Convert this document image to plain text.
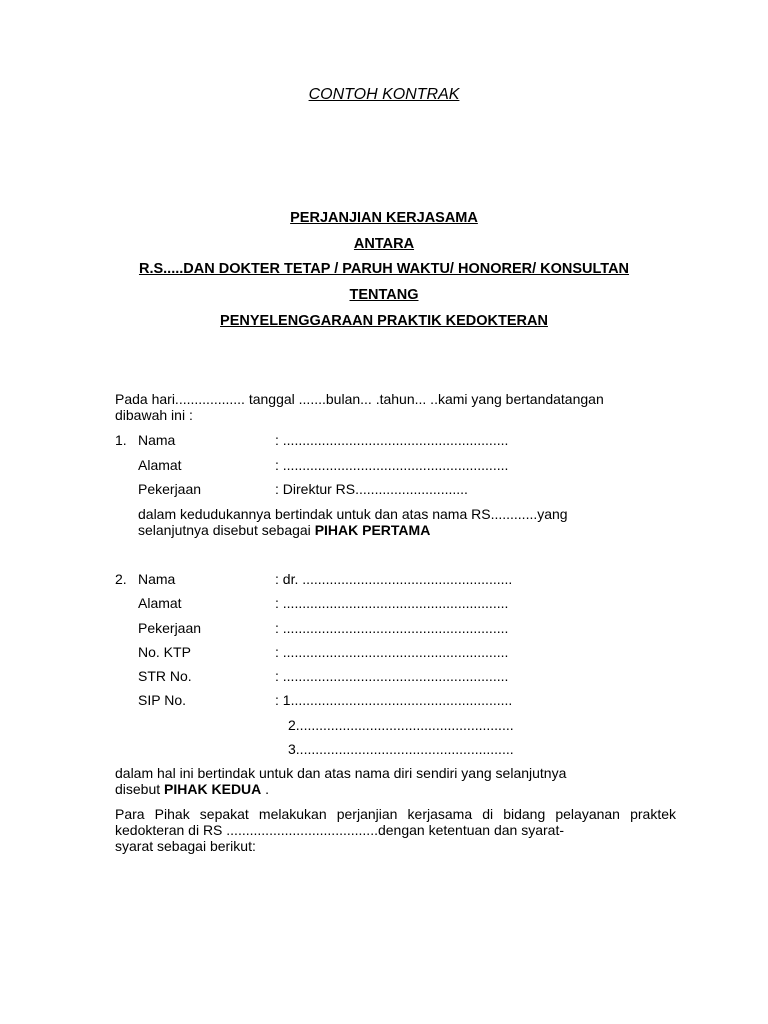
CONTOH KONTRAK
PERJANJIAN KERJASAMA
ANTARA
R.S.....DAN DOKTER TETAP / PARUH WAKTU/ HONORER/ KONSULTAN
TENTANG
PENYELENGGARAAN PRAKTIK KEDOKTERAN
Pada hari.................. tanggal .......bulan... .tahun... ..kami yang bertandatangan
dibawah ini :
1. Nama	: ..........................................................
Alamat	: ..........................................................
Pekerjaan	: Direktur RS.............................
dalam kedudukannya bertindak untuk dan atas nama RS............yang
selanjutnya disebut sebagai PIHAK PERTAMA
2. Nama	: dr. ......................................................
Alamat	: ..........................................................
Pekerjaan	: ..........................................................
No. KTP	: ..........................................................
STR No.	: ..........................................................
SIP No.	: 1.........................................................
2........................................................
3........................................................
dalam hal ini bertindak untuk dan atas nama diri sendiri yang selanjutnya
disebut PIHAK KEDUA .
Para Pihak sepakat melakukan perjanjian kerjasama di bidang pelayanan praktek kedokteran di RS .......................................dengan ketentuan dan syarat-
syarat sebagai berikut:
